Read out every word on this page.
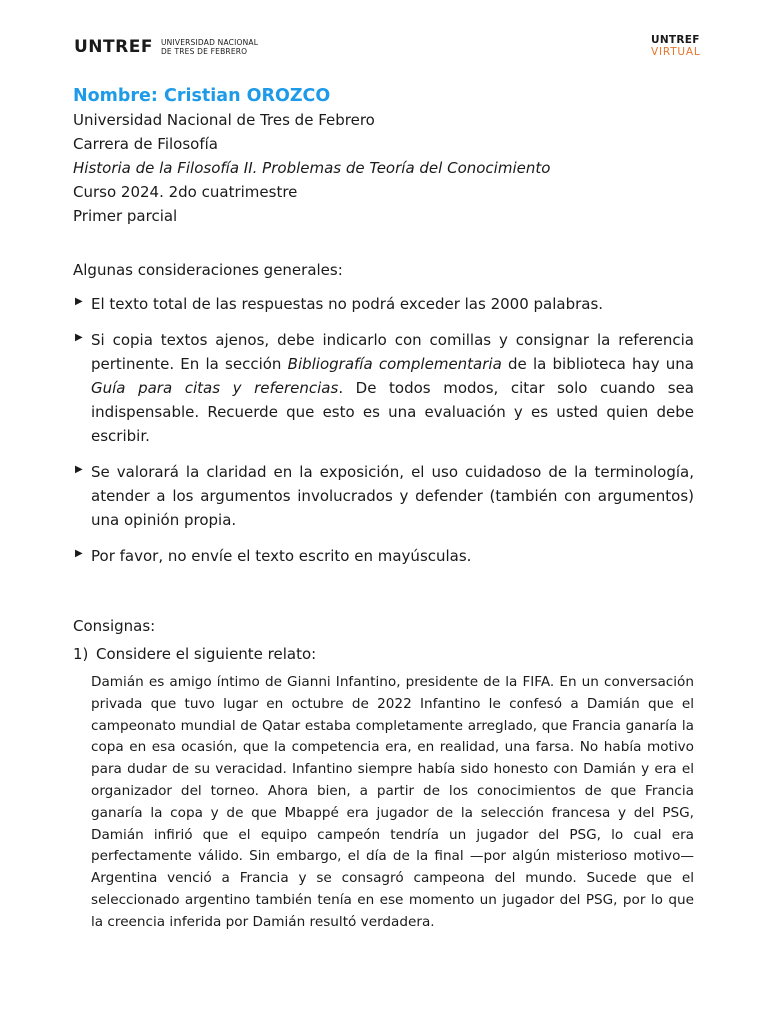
UNTREF UNIVERSIDAD NACIONAL
DE TRES DE FEBRERO
UNTREF
VIRTUAL

Nombre: Cristian OROZCO

Universidad Nacional de Tres de Febrero

Carrera de Filosofía

Historia de la Filosofía II. Problemas de Teoría del Conocimiento

Curso 2024. 2do cuatrimestre

Primer parcial

Algunas consideraciones generales:

▶ El texto total de las respuestas no podrá exceder las 2000 palabras.
▶ Si copia textos ajenos, debe indicarlo con comillas y consignar la referencia pertinente. En la sección Bibliografía complementaria de la biblioteca hay una Guía para citas y referencias. De todos modos, citar solo cuando sea indispensable. Recuerde que esto es una evaluación y es usted quien debe escribir.
▶ Se valorará la claridad en la exposición, el uso cuidadoso de la terminología, atender a los argumentos involucrados y defender (también con argumentos) una opinión propia.
▶ Por favor, no envíe el texto escrito en mayúsculas.

Consignas:

1) Considere el siguiente relato:

Damián es amigo íntimo de Gianni Infantino, presidente de la FIFA. En un conversación privada que tuvo lugar en octubre de 2022 Infantino le confesó a Damián que el campeonato mundial de Qatar estaba completamente arreglado, que Francia ganaría la copa en esa ocasión, que la competencia era, en realidad, una farsa. No había motivo para dudar de su veracidad. Infantino siempre había sido honesto con Damián y era el organizador del torneo. Ahora bien, a partir de los conocimientos de que Francia ganaría la copa y de que Mbappé era jugador de la selección francesa y del PSG, Damián infirió que el equipo campeón tendría un jugador del PSG, lo cual era perfectamente válido. Sin embargo, el día de la final —por algún misterioso motivo— Argentina venció a Francia y se consagró campeona del mundo. Sucede que el seleccionado argentino también tenía en ese momento un jugador del PSG, por lo que la creencia inferida por Damián resultó verdadera.
